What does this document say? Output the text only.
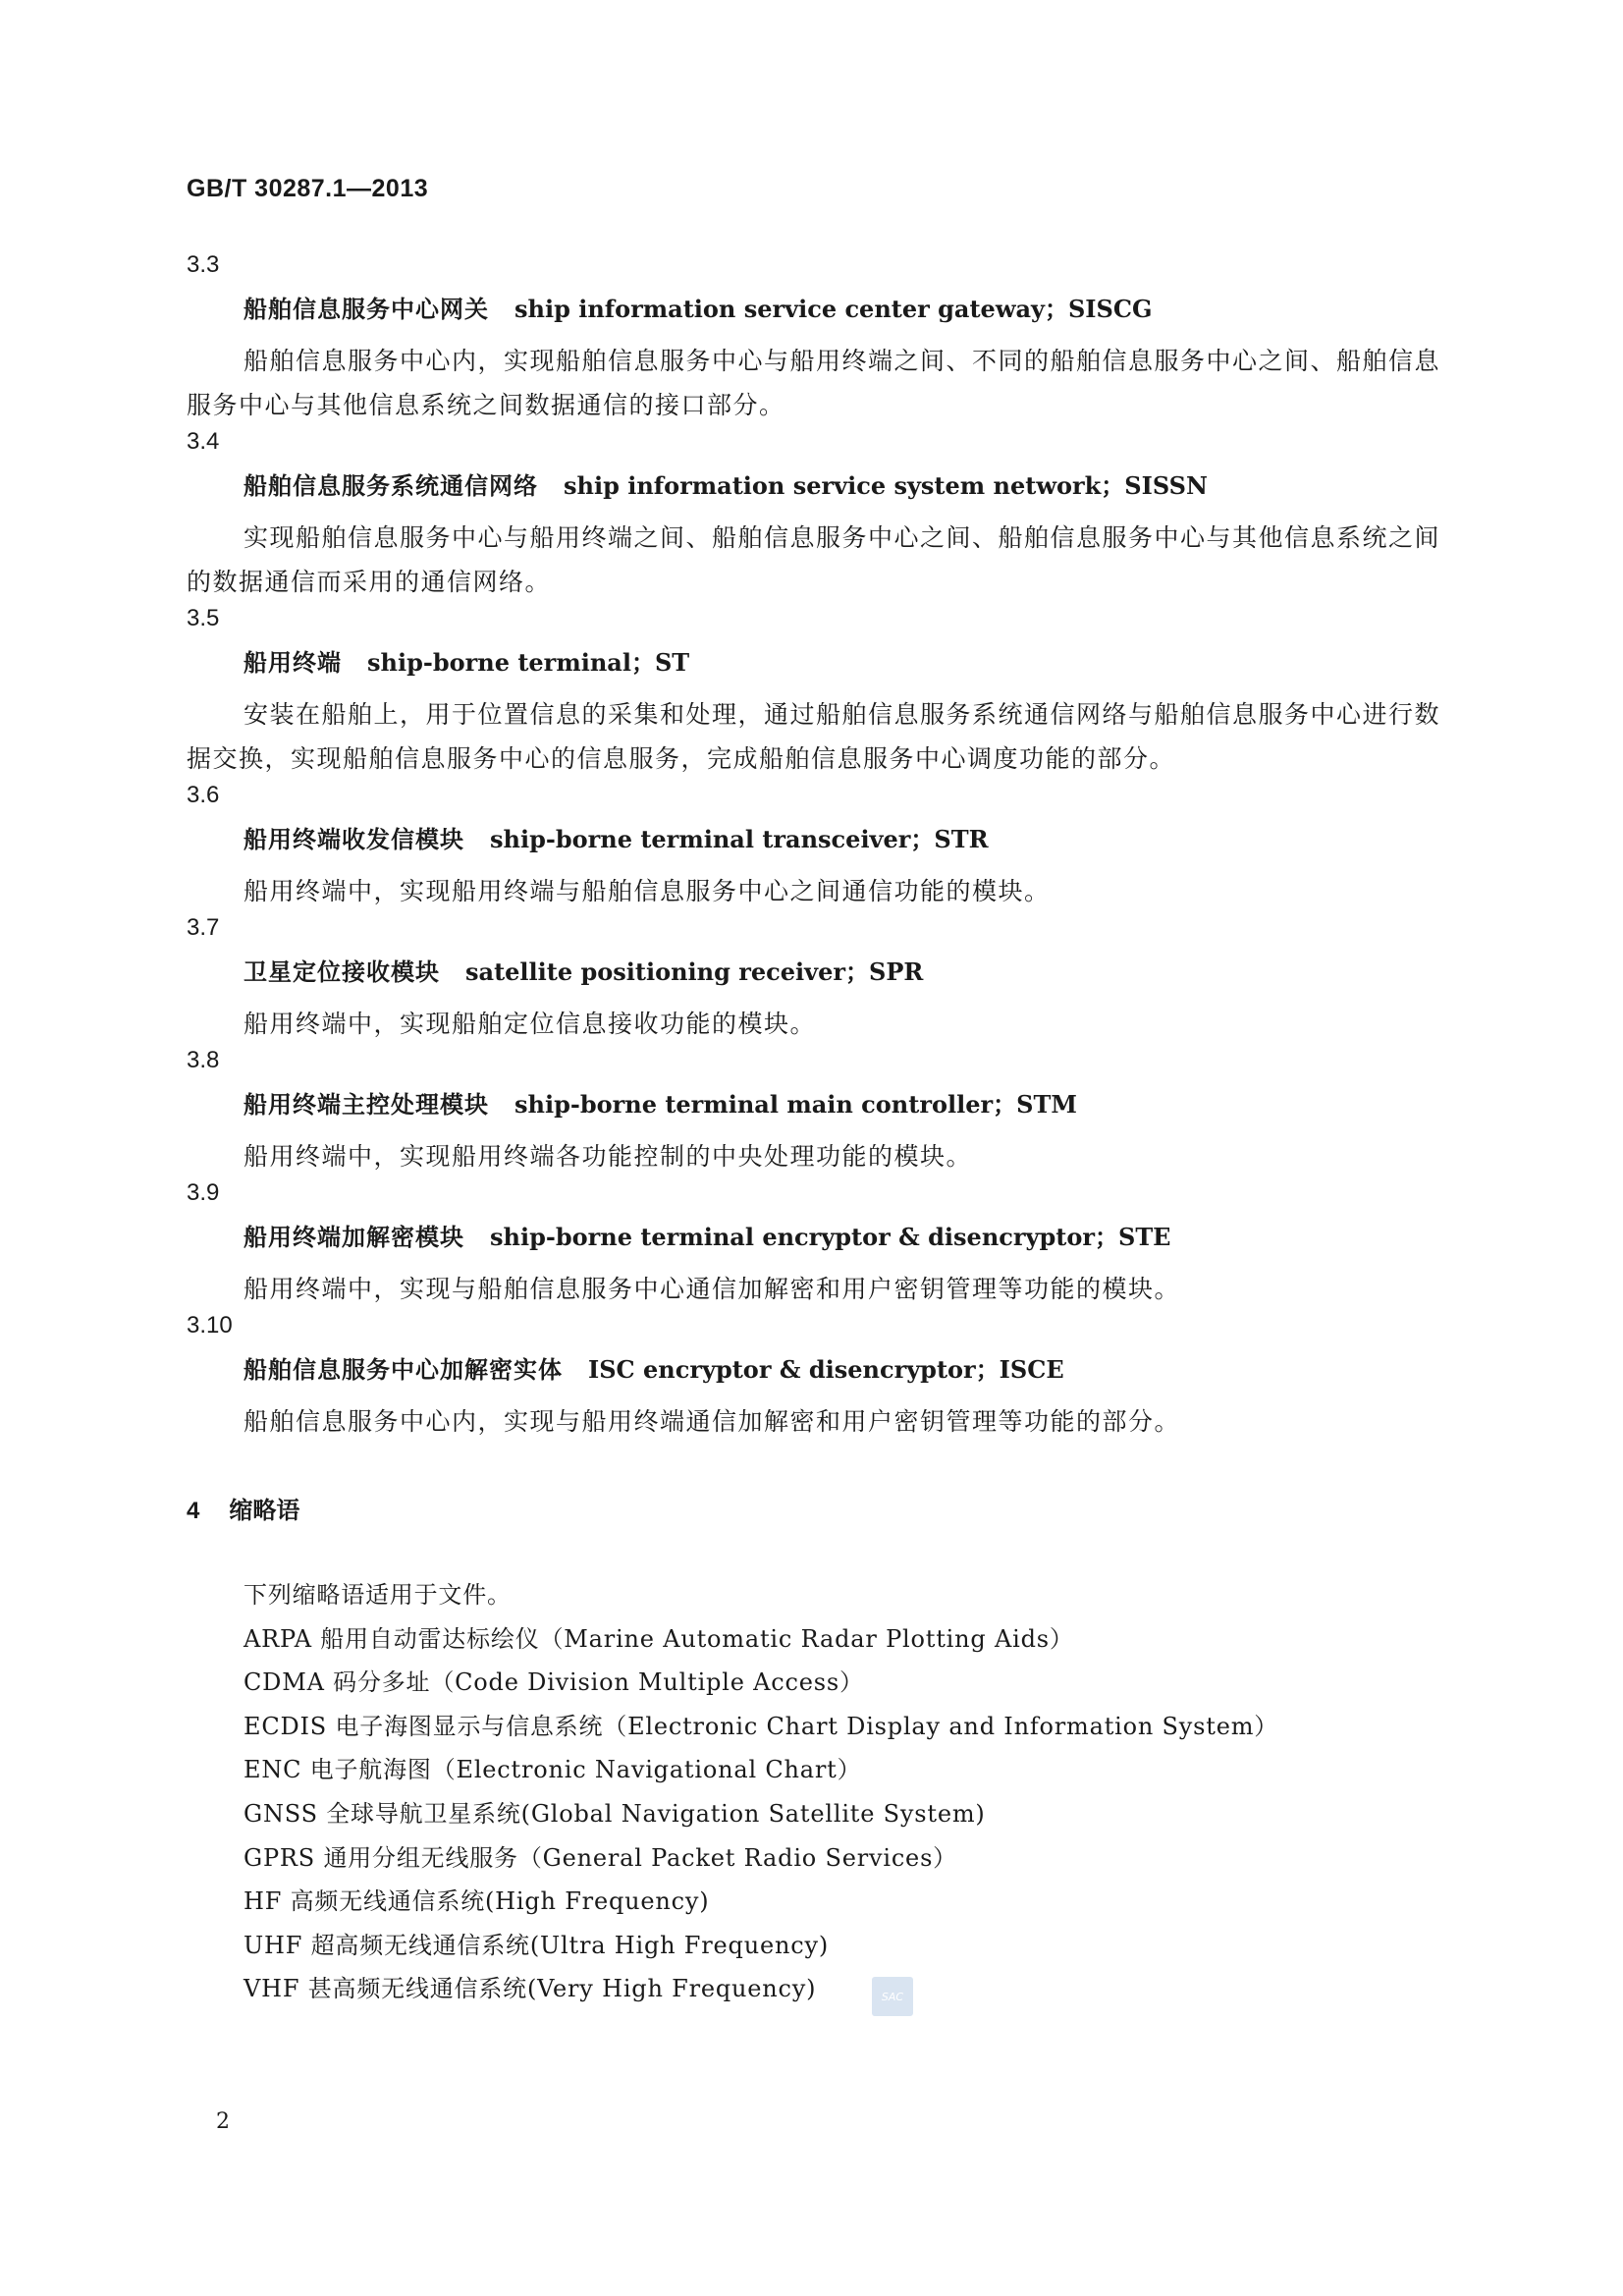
GB/T 30287.1—2013
3.3
船舶信息服务中心网关 ship information service center gateway；SISCG
船舶信息服务中心内，实现船舶信息服务中心与船用终端之间、不同的船舶信息服务中心之间、船舶信息服务中心与其他信息系统之间数据通信的接口部分。
3.4
船舶信息服务系统通信网络 ship information service system network；SISSN
实现船舶信息服务中心与船用终端之间、船舶信息服务中心之间、船舶信息服务中心与其他信息系统之间的数据通信而采用的通信网络。
3.5
船用终端 ship-borne terminal；ST
安装在船舶上，用于位置信息的采集和处理，通过船舶信息服务系统通信网络与船舶信息服务中心进行数据交换，实现船舶信息服务中心的信息服务，完成船舶信息服务中心调度功能的部分。
3.6
船用终端收发信模块 ship-borne terminal transceiver；STR
船用终端中，实现船用终端与船舶信息服务中心之间通信功能的模块。
3.7
卫星定位接收模块 satellite positioning receiver；SPR
船用终端中，实现船舶定位信息接收功能的模块。
3.8
船用终端主控处理模块 ship-borne terminal main controller；STM
船用终端中，实现船用终端各功能控制的中央处理功能的模块。
3.9
船用终端加解密模块 ship-borne terminal encryptor & disencryptor；STE
船用终端中，实现与船舶信息服务中心通信加解密和用户密钥管理等功能的模块。
3.10
船舶信息服务中心加解密实体 ISC encryptor & disencryptor；ISCE
船舶信息服务中心内，实现与船用终端通信加解密和用户密钥管理等功能的部分。
4 缩略语
下列缩略语适用于文件。
ARPA 船用自动雷达标绘仪（Marine Automatic Radar Plotting Aids）
CDMA 码分多址（Code Division Multiple Access）
ECDIS 电子海图显示与信息系统（Electronic Chart Display and Information System）
ENC 电子航海图（Electronic Navigational Chart）
GNSS 全球导航卫星系统(Global Navigation Satellite System)
GPRS 通用分组无线服务（General Packet Radio Services）
HF 高频无线通信系统(High Frequency)
UHF 超高频无线通信系统(Ultra High Frequency)
VHF 甚高频无线通信系统(Very High Frequency)	SAC
2
